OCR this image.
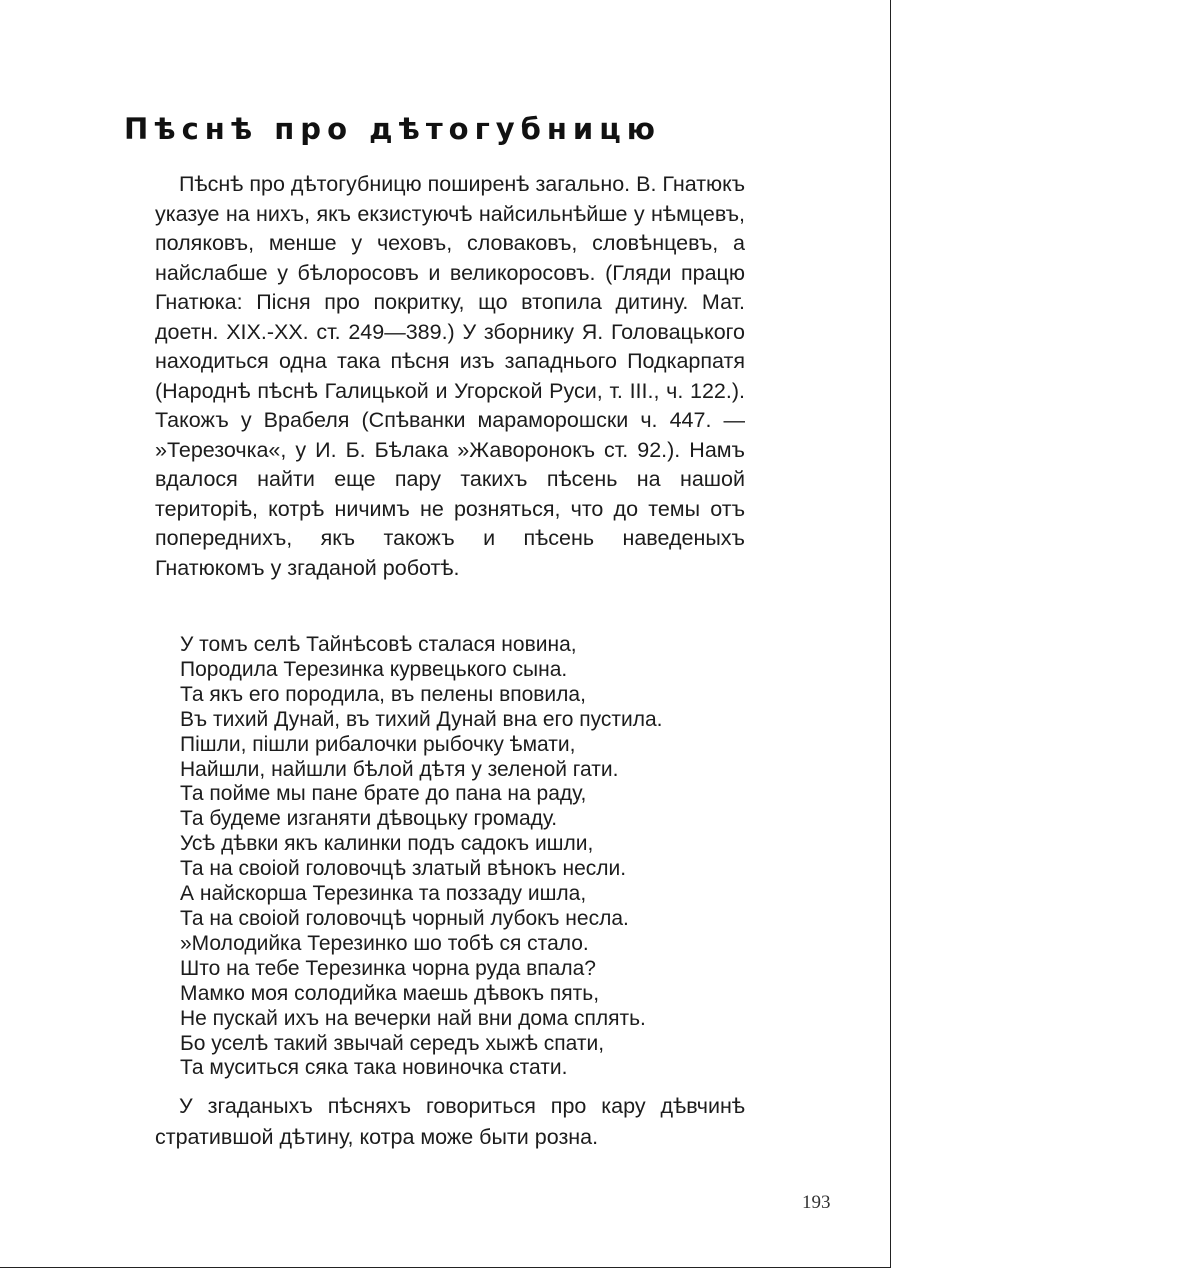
Пѣснѣ про дѣтогубницю

Пѣснѣ про дѣтогубницю поширенѣ загально. В. Гнатюкъ указуе на нихъ, якъ екзистуючѣ найсильнѣйше у нѣмцевъ, поляковъ, менше у чеховъ, словаковъ, словѣнцевъ, а найслабше у бѣлоросовъ и великоросовъ. (Гляди працю Гнатюка: Пiсня про покритку, що втопила дитину. Мат. доетн. XIX.-XX. ст. 249—389.) У зборнику Я. Головацького находиться одна така пѣсня изъ западнього Подкарпатя (Народнѣ пѣснѣ Галицькой и Угорской Руси, т. III., ч. 122.). Такожъ у Врабеля (Спѣванки мараморошски ч. 447. — »Терезочка«, у И. Б. Бѣлака »Жаворонокъ ст. 92.). Намъ вдалося найти еще пару такихъ пѣсень на нашой територiѣ, котрѣ ничимъ не рознятьcя, что до темы отъ попереднихъ, якъ такожъ и пѣсень наведеныхъ Гнатюкомъ у згаданой роботѣ.

У томъ селѣ Тайнѣсовѣ сталася новина,
Породила Терезинка курвецького сына.
Та якъ его породила, въ пелены вповила,
Въ тихий Дунай, въ тихий Дунай вна его пустила.
Пiшли, пiшли рибалочки рыбочку ѣмати,
Найшли, найшли бѣлой дѣтя у зеленой гати.
Та пойме мы пане брате до пана на раду,
Та будеме изганяти дѣвоцьку громаду.
Усѣ дѣвки якъ калинки подъ садокъ ишли,
Та на своiой головочцѣ златый вѣнокъ несли.
А найскорша Терезинка та поззаду ишла,
Та на своiой головочцѣ чорный лубокъ несла.
»Молодийка Терезинко шо тобѣ ся стало.
Што на тебе Терезинка чорна руда впала?
Мамко моя солодийка маешь дѣвокъ пять,
Не пускай ихъ на вечерки най вни дома сплять.
Бо уселѣ такий звычай середъ хыжѣ спати,
Та муситься сяка така новиночка стати.

У згаданыхъ пѣсняхъ говориться про кару дѣвчинѣ стратившой дѣтину, котра може быти розна.

193
